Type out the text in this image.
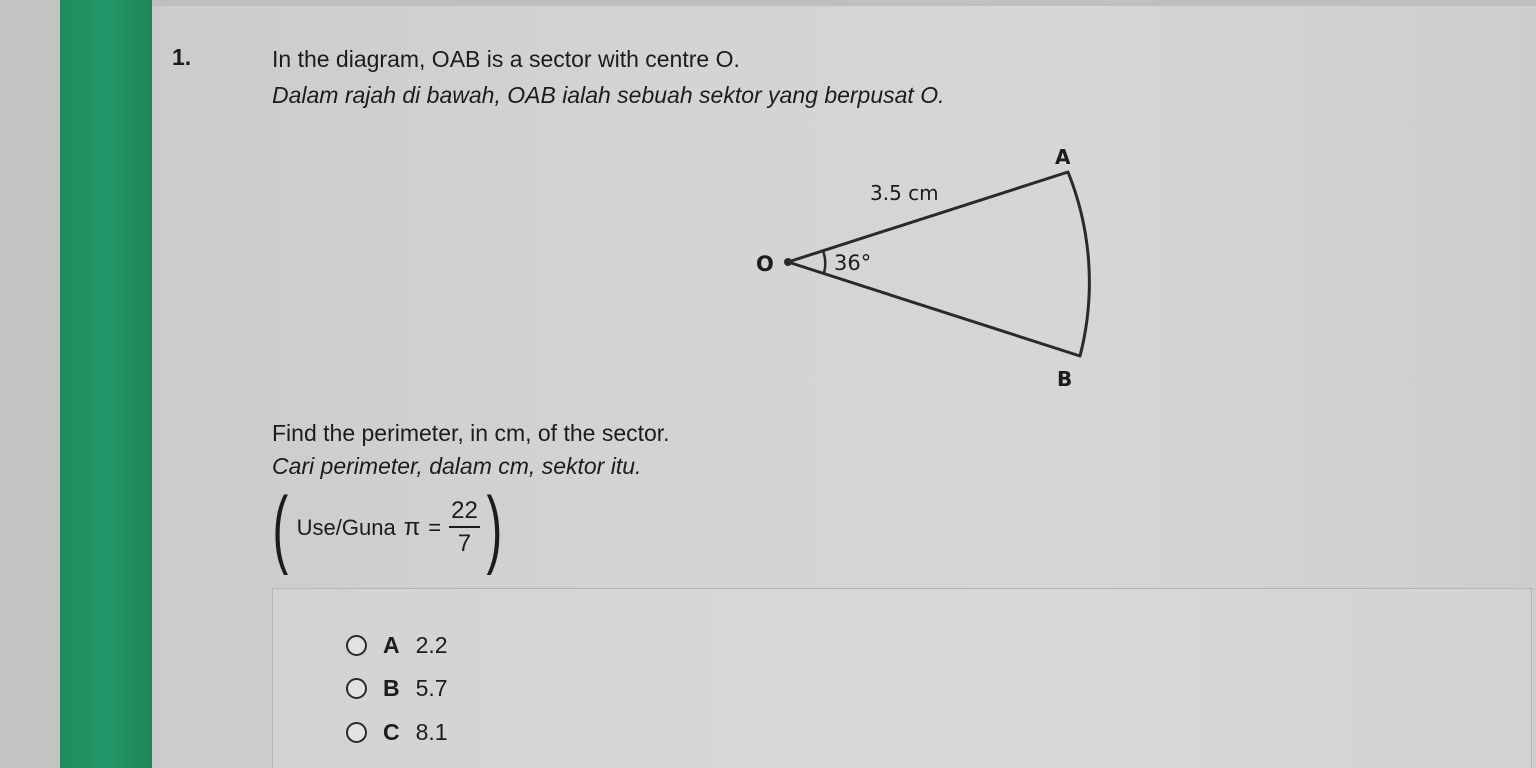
1.	In the diagram, OAB is a sector with centre O.
Dalam rajah di bawah, OAB ialah sebuah sektor yang berpusat O.
O
A
B
3.5 cm
36°
Find the perimeter, in cm, of the sector.
Cari perimeter, dalam cm, sektor itu.
( Use/Guna $\pi = \frac{22}{7}$ )
A 2.2
B 5.7
C 8.1
